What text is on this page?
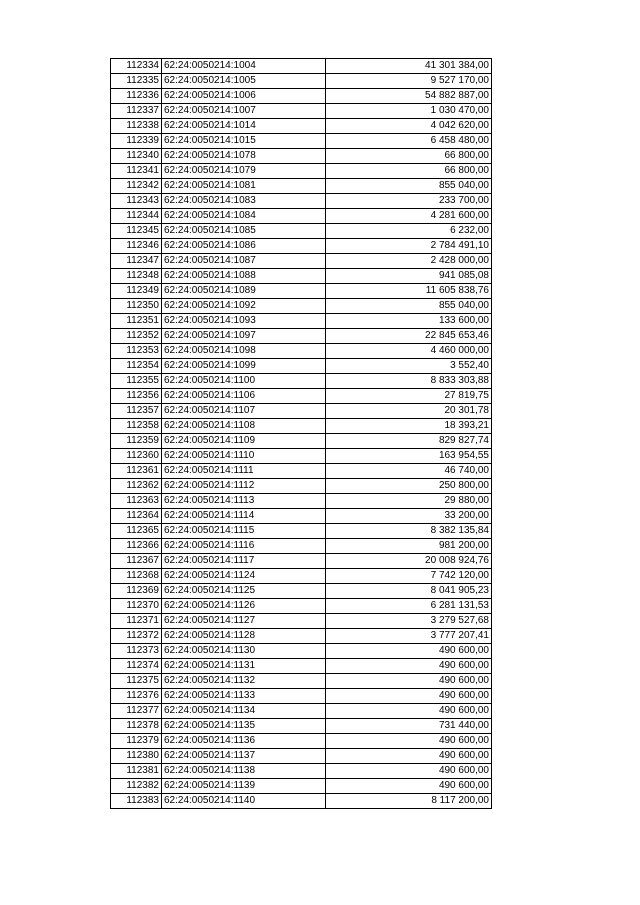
112334	62:24:0050214:1004	41 301 384,00
112335	62:24:0050214:1005	9 527 170,00
112336	62:24:0050214:1006	54 882 887,00
112337	62:24:0050214:1007	1 030 470,00
112338	62:24:0050214:1014	4 042 620,00
112339	62:24:0050214:1015	6 458 480,00
112340	62:24:0050214:1078	66 800,00
112341	62:24:0050214:1079	66 800,00
112342	62:24:0050214:1081	855 040,00
112343	62:24:0050214:1083	233 700,00
112344	62:24:0050214:1084	4 281 600,00
112345	62:24:0050214:1085	6 232,00
112346	62:24:0050214:1086	2 784 491,10
112347	62:24:0050214:1087	2 428 000,00
112348	62:24:0050214:1088	941 085,08
112349	62:24:0050214:1089	11 605 838,76
112350	62:24:0050214:1092	855 040,00
112351	62:24:0050214:1093	133 600,00
112352	62:24:0050214:1097	22 845 653,46
112353	62:24:0050214:1098	4 460 000,00
112354	62:24:0050214:1099	3 552,40
112355	62:24:0050214:1100	8 833 303,88
112356	62:24:0050214:1106	27 819,75
112357	62:24:0050214:1107	20 301,78
112358	62:24:0050214:1108	18 393,21
112359	62:24:0050214:1109	829 827,74
112360	62:24:0050214:1110	163 954,55
112361	62:24:0050214:1111	46 740,00
112362	62:24:0050214:1112	250 800,00
112363	62:24:0050214:1113	29 880,00
112364	62:24:0050214:1114	33 200,00
112365	62:24:0050214:1115	8 382 135,84
112366	62:24:0050214:1116	981 200,00
112367	62:24:0050214:1117	20 008 924,76
112368	62:24:0050214:1124	7 742 120,00
112369	62:24:0050214:1125	8 041 905,23
112370	62:24:0050214:1126	6 281 131,53
112371	62:24:0050214:1127	3 279 527,68
112372	62:24:0050214:1128	3 777 207,41
112373	62:24:0050214:1130	490 600,00
112374	62:24:0050214:1131	490 600,00
112375	62:24:0050214:1132	490 600,00
112376	62:24:0050214:1133	490 600,00
112377	62:24:0050214:1134	490 600,00
112378	62:24:0050214:1135	731 440,00
112379	62:24:0050214:1136	490 600,00
112380	62:24:0050214:1137	490 600,00
112381	62:24:0050214:1138	490 600,00
112382	62:24:0050214:1139	490 600,00
112383	62:24:0050214:1140	8 117 200,00
